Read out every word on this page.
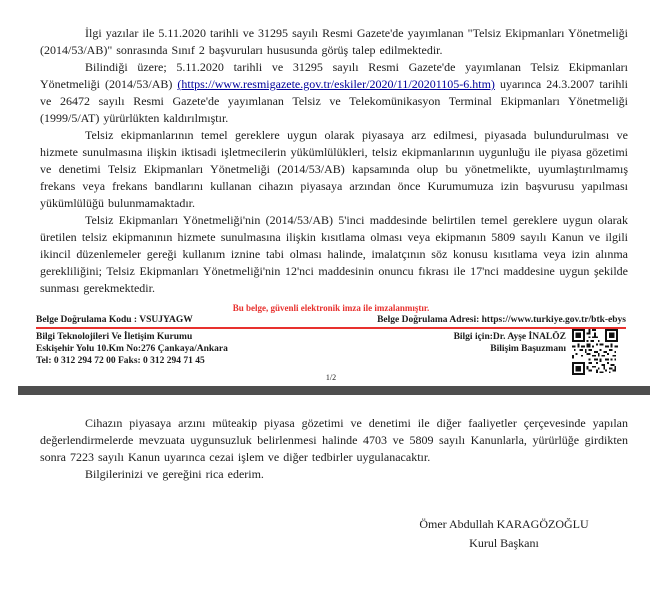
İlgi yazılar ile 5.11.2020 tarihli ve 31295 sayılı Resmi Gazete'de yayımlanan "Telsiz Ekipmanları Yönetmeliği (2014/53/AB)" sonrasında Sınıf 2 başvuruları hususunda görüş talep edilmektedir.

Bilindiği üzere; 5.11.2020 tarihli ve 31295 sayılı Resmi Gazete'de yayımlanan Telsiz Ekipmanları Yönetmeliği (2014/53/AB) (https://www.resmigazete.gov.tr/eskiler/2020/11/20201105-6.htm) uyarınca 24.3.2007 tarihli ve 26472 sayılı Resmi Gazete'de yayımlanan Telsiz ve Telekomünikasyon Terminal Ekipmanları Yönetmeliği (1999/5/AT) yürürlükten kaldırılmıştır.

Telsiz ekipmanlarının temel gereklere uygun olarak piyasaya arz edilmesi, piyasada bulundurulması ve hizmete sunulmasına ilişkin iktisadi işletmecilerin yükümlülükleri, telsiz ekipmanlarının uygunluğu ile piyasa gözetimi ve denetimi Telsiz Ekipmanları Yönetmeliği (2014/53/AB) kapsamında olup bu yönetmelikte, uyumlaştırılmamış frekans veya frekans bandlarını kullanan cihazın piyasaya arzından önce Kurumumuza izin başvurusu yapılması yükümlülüğü bulunmamaktadır.

Telsiz Ekipmanları Yönetmeliği'nin (2014/53/AB) 5'inci maddesinde belirtilen temel gereklere uygun olarak üretilen telsiz ekipmanının hizmete sunulmasına ilişkin kısıtlama olması veya ekipmanın 5809 sayılı Kanun ve ilgili ikincil düzenlemeler gereği kullanım iznine tabi olması halinde, imalatçının söz konusu kısıtlama veya izin alınma gerekliliğini; Telsiz Ekipmanları Yönetmeliği'nin 12'nci maddesinin onuncu fıkrası ile 17'nci maddesine uygun şekilde sunması gerekmektedir.

Bu belge, güvenli elektronik imza ile imzalanmıştır.
Belge Doğrulama Kodu : VSUJYAGW	Belge Doğrulama Adresi: https://www.turkiye.gov.tr/btk-ebys
Bilgi Teknolojileri Ve İletişim Kurumu
Eskişehir Yolu 10.Km No:276 Çankaya/Ankara
Tel: 0 312 294 72 00 Faks: 0 312 294 71 45
Bilgi için:Dr. Ayşe İNALÖZ
Bilişim Başuzmanı
1/2

Cihazın piyasaya arzını müteakip piyasa gözetimi ve denetimi ile diğer faaliyetler çerçevesinde yapılan değerlendirmelerde mevzuata uygunsuzluk belirlenmesi halinde 4703 ve 5809 sayılı Kanunlarla, yürürlüğe girdikten sonra 7223 sayılı Kanun uyarınca cezai işlem ve diğer tedbirler uygulanacaktır.

Bilgilerinizi ve gereğini rica ederim.

Ömer Abdullah KARAGÖZOĞLU
Kurul Başkanı
